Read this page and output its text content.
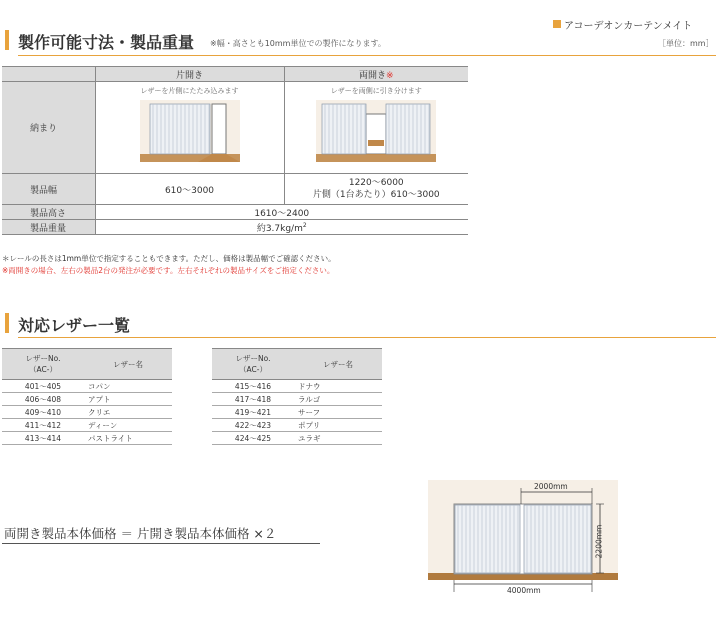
製作可能寸法・製品重量 ※幅・高さとも10mm単位での製作になります。
アコーデオンカーテンメイト
［単位：mm］
	片開き	両開き※
納まり	レザーを片側にたたみ込みます	レザーを両側に引き分けます

製品幅	610～3000	1220～6000
片側（1台あたり）610～3000

製品高さ	1610～2400	
製品重量	約$3.7kg/m^2$
＊レールの長さは1mm単位で指定することもできます。ただし、価格は製品幅でご確認ください。
※両開きの場合、左右の製品2台の発注が必要です。左右それぞれの製品サイズをご指定ください。
対応レザー一覧
レザーNo.
（AC-）	レザー名
401～405	コパン
406～408	アプト
409～410	クリエ
411～412	ディーン
413～414	パストライト
レザーNo.
（AC-）	レザー名
415～416	ドナウ
417～418	ラルゴ
419～421	サーフ
422～423	ポプリ
424～425	ユラギ
両開き製品本体価格 ＝ 片開き製品本体価格 ×２
2000mm
2200mm
4000mm
